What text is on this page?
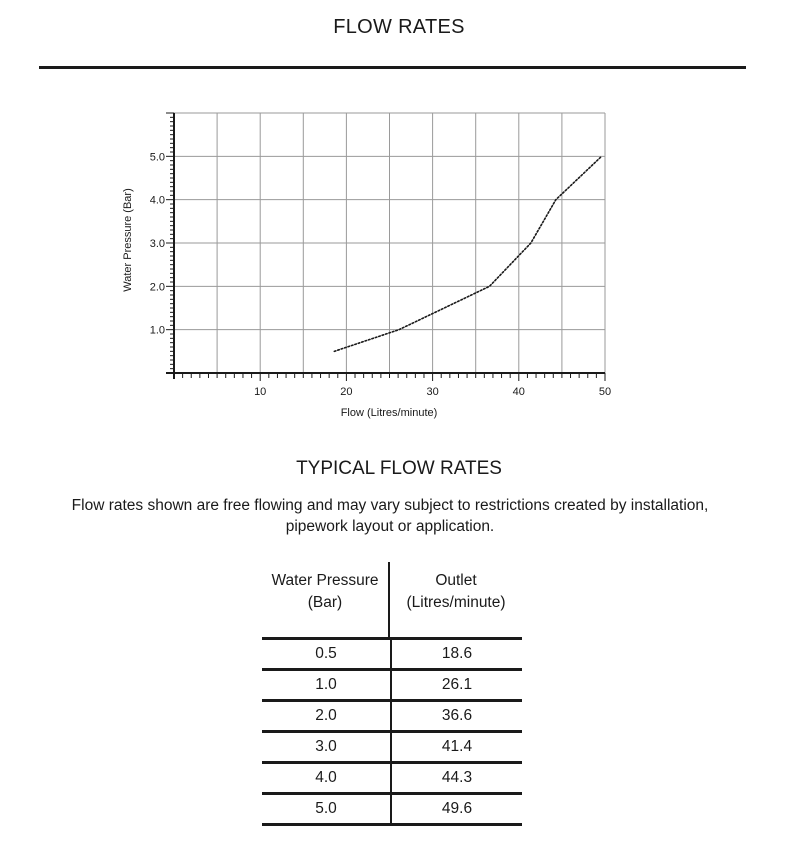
FLOW RATES
10	20	30	40	50
1.0
2.0
3.0
4.0
5.0
Flow (Litres/minute)
Water Pressure (Bar)
TYPICAL FLOW RATES
Flow rates shown are free flowing and may vary subject to restrictions created by installation, pipework layout or application.
Water Pressure
(Bar)
Outlet
(Litres/minute)
0.5	18.6
1.0	26.1
2.0	36.6
3.0	41.4
4.0	44.3
5.0	49.6
